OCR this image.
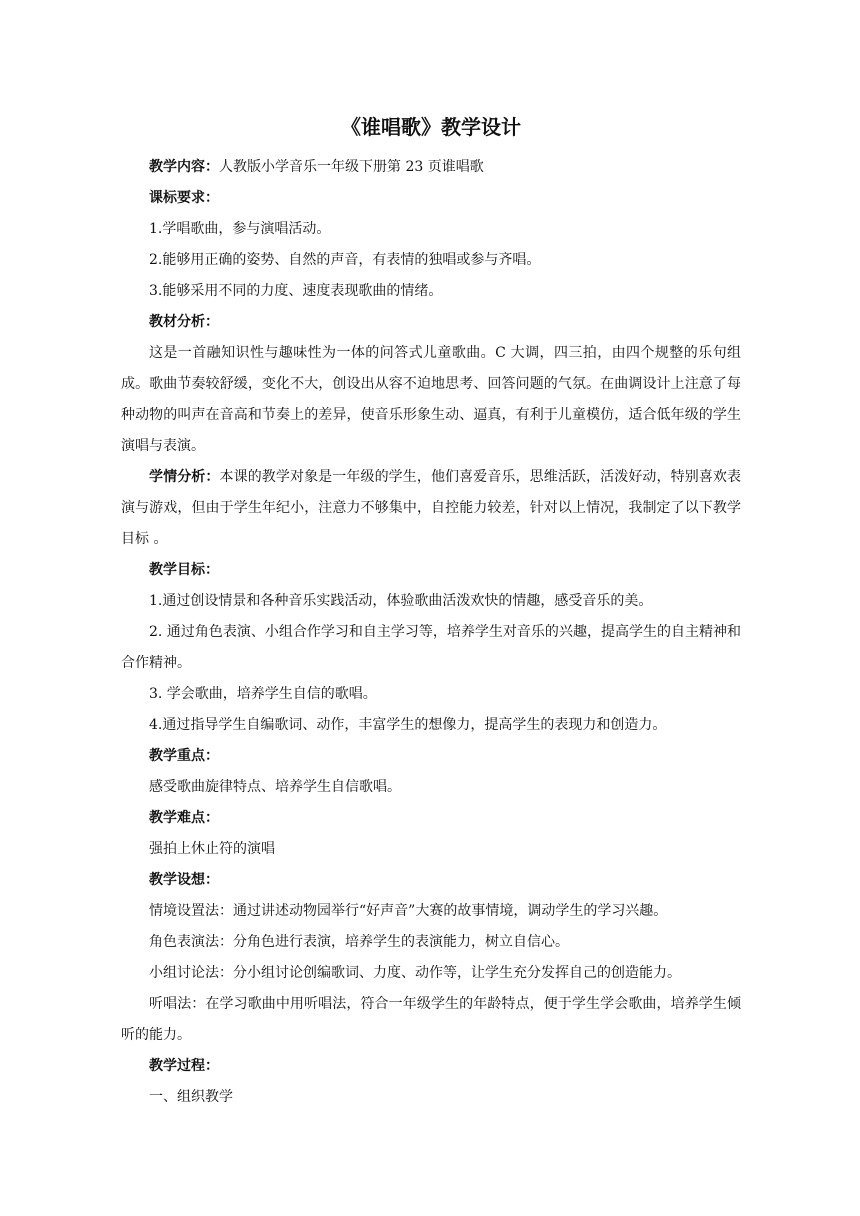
《谁唱歌》教学设计

教学内容：人教版小学音乐一年级下册第 23 页谁唱歌

课标要求：

1.学唱歌曲，参与演唱活动。

2.能够用正确的姿势、自然的声音，有表情的独唱或参与齐唱。

3.能够采用不同的力度、速度表现歌曲的情绪。

教材分析：

这是一首融知识性与趣味性为一体的问答式儿童歌曲。C 大调，四三拍，由四个规整的乐句组成。歌曲节奏较舒缓，变化不大，创设出从容不迫地思考、回答问题的气氛。在曲调设计上注意了每种动物的叫声在音高和节奏上的差异，使音乐形象生动、逼真，有利于儿童模仿，适合低年级的学生演唱与表演。

学情分析：本课的教学对象是一年级的学生，他们喜爱音乐，思维活跃，活泼好动，特别喜欢表演与游戏，但由于学生年纪小，注意力不够集中，自控能力较差，针对以上情况，我制定了以下教学目标 。

教学目标：

1.通过创设情景和各种音乐实践活动，体验歌曲活泼欢快的情趣，感受音乐的美。

2. 通过角色表演、小组合作学习和自主学习等，培养学生对音乐的兴趣，提高学生的自主精神和合作精神。

3. 学会歌曲，培养学生自信的歌唱。

4.通过指导学生自编歌词、动作，丰富学生的想像力，提高学生的表现力和创造力。

教学重点：

感受歌曲旋律特点、培养学生自信歌唱。

教学难点：

强拍上休止符的演唱

教学设想：

情境设置法：通过讲述动物园举行“好声音”大赛的故事情境，调动学生的学习兴趣。

角色表演法：分角色进行表演，培养学生的表演能力，树立自信心。

小组讨论法：分小组讨论创编歌词、力度、动作等，让学生充分发挥自己的创造能力。

听唱法：在学习歌曲中用听唱法，符合一年级学生的年龄特点，便于学生学会歌曲，培养学生倾听的能力。

教学过程：

一、组织教学
